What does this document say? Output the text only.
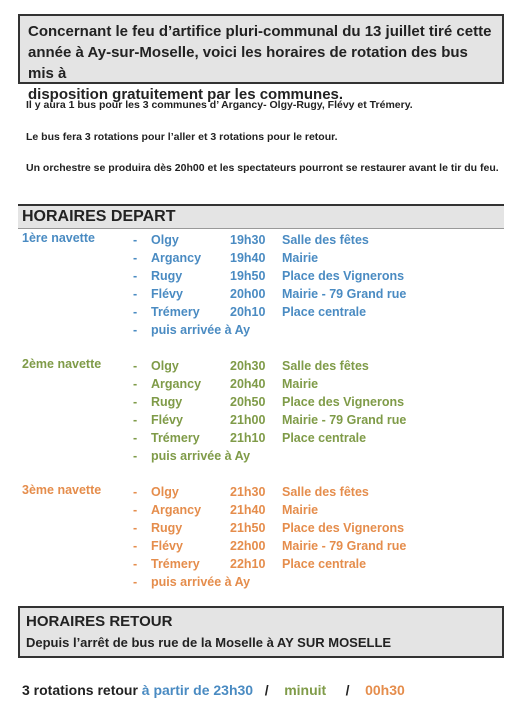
Concernant le feu d’artifice pluri-communal du 13 juillet tiré cette
année à Ay-sur-Moselle, voici les horaires de rotation des bus mis à
disposition gratuitement par les communes.
Il y aura 1 bus pour les 3 communes d’ Argancy- Olgy-Rugy, Flévy et Trémery.
Le bus fera 3 rotations pour l’aller et 3 rotations pour le retour.
Un orchestre se produira dès 20h00 et les spectateurs pourront se restaurer avant le tir du feu.
HORAIRES DEPART
1ère navette	- Olgy	19h30 Salle des fêtes
- Argancy 19h40 Mairie
- Rugy	19h50 Place des Vignerons
- Flévy	20h00 Mairie - 79 Grand rue
- Trémery 20h10 Place centrale
- puis arrivée à Ay
2ème navette	- Olgy	20h30 Salle des fêtes
- Argancy 20h40 Mairie
- Rugy	20h50 Place des Vignerons
- Flévy	21h00 Mairie - 79 Grand rue
- Trémery 21h10 Place centrale
- puis arrivée à Ay
3ème navette	- Olgy	21h30 Salle des fêtes
- Argancy 21h40 Mairie
- Rugy	21h50 Place des Vignerons
- Flévy	22h00 Mairie - 79 Grand rue
- Trémery 22h10 Place centrale
- puis arrivée à Ay
HORAIRES RETOUR
Depuis l’arrêt de bus rue de la Moselle à AY SUR MOSELLE
3 rotations retour à partir de 23h30 / minuit / 00h30
